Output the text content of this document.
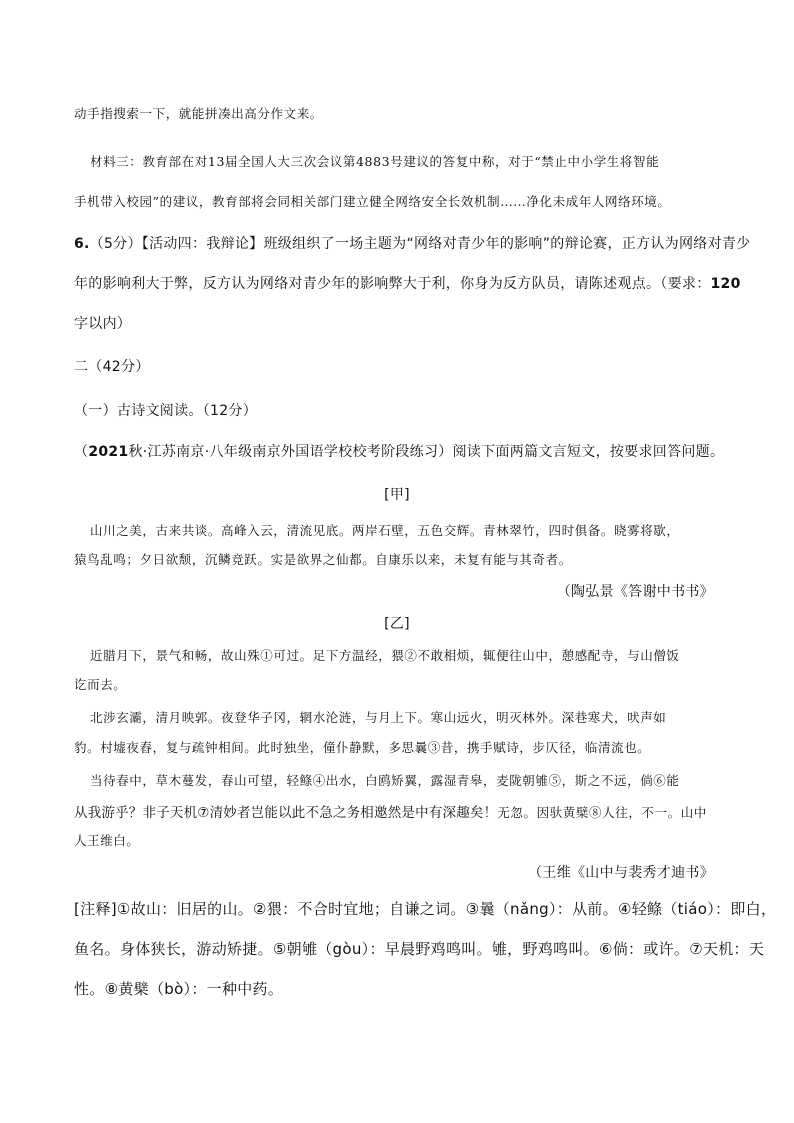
动手指搜索一下，就能拼凑出高分作文来。
材料三：教育部在对13届全国人大三次会议第4883号建议的答复中称，对于“禁止中小学生将智能
手机带入校园”的建议，教育部将会同相关部门建立健全网络安全长效机制……净化未成年人网络环境。
6.（5分）【活动四：我辩论】班级组织了一场主题为“网络对青少年的影响”的辩论赛，正方认为网络对青少
年的影响利大于弊，反方认为网络对青少年的影响弊大于利，你身为反方队员，请陈述观点。（要求：120
字以内）
二（42分）
（一）古诗文阅读。（12分）
（2021秋·江苏南京·八年级南京外国语学校校考阶段练习）阅读下面两篇文言短文，按要求回答问题。
[甲]
山川之美，古来共谈。高峰入云，清流见底。两岸石壁，五色交辉。青林翠竹，四时俱备。晓雾将歇，
猿鸟乱鸣；夕日欲颓，沉鳞竞跃。实是欲界之仙都。自康乐以来，未复有能与其奇者。
（陶弘景《答谢中书书》
[乙]
近腊月下，景气和畅，故山殊①可过。足下方温经，猥②不敢相烦，辄便往山中，憩感配寺，与山僧饭
讫而去。
北涉玄灞，清月映郭。夜登华子冈，辋水沦涟，与月上下。寒山远火，明灭林外。深巷寒犬，吠声如
豹。村墟夜舂，复与疏钟相间。此时独坐，僮仆静默，多思曩③昔，携手赋诗，步仄径，临清流也。
当待春中，草木蔓发，春山可望，轻鲦④出水，白鸥矫翼，露湿青皋，麦陇朝雊⑤，斯之不远，倘⑥能
从我游乎？非子天机⑦清妙者岂能以此不急之务相邀然是中有深趣矣！无忽。因驮黄檗⑧人往，不一。山中
人王维白。
（王维《山中与裴秀才迪书》
[注释]①故山：旧居的山。②猥：不合时宜地；自谦之词。③曩（nǎng）：从前。④轻鲦（tiáo）：即白，
鱼名。身体狭长，游动矫捷。⑤朝雊（gòu）：早晨野鸡鸣叫。雊，野鸡鸣叫。⑥倘：或许。⑦天机：天
性。⑧黄檗（bò）：一种中药。
